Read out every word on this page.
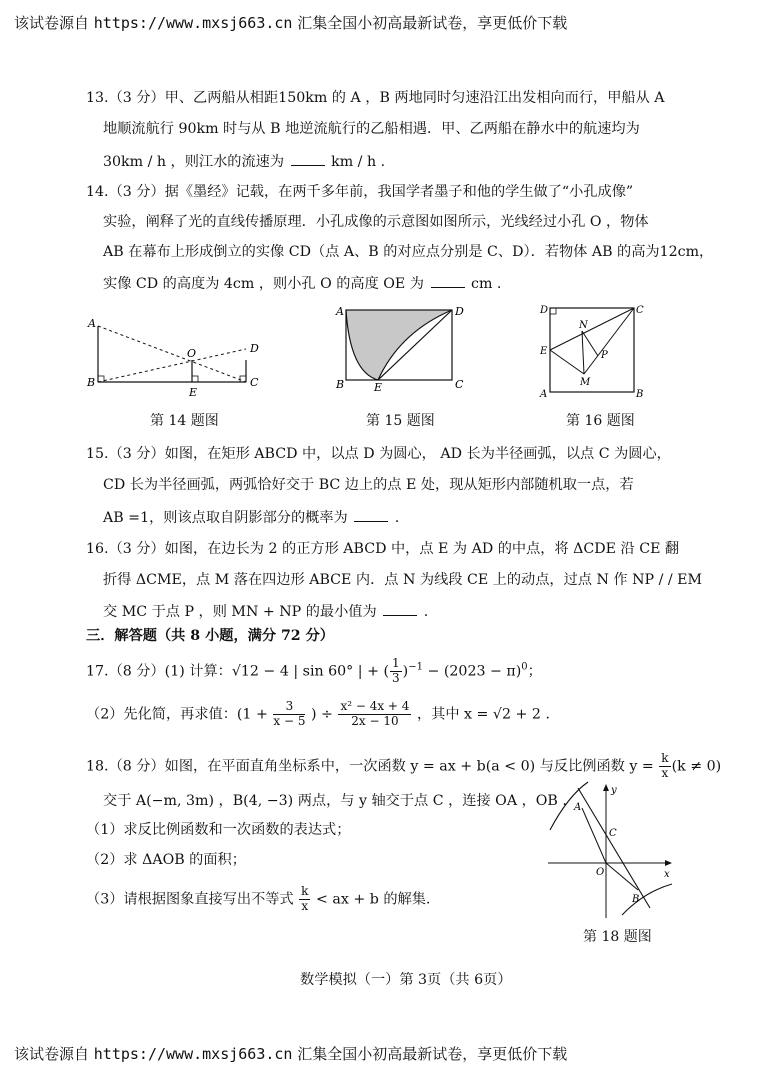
该试卷源自 https://www.mxsj663.cn 汇集全国小初高最新试卷，享更低价下载
13.（3 分）甲、乙两船从相距150km 的 A ，B 两地同时匀速沿江出发相向而行，甲船从 A
地顺流航行 90km 时与从 B 地逆流航行的乙船相遇．甲、乙两船在静水中的航速均为
30km / h ，则江水的流速为	km / h .
14.（3 分）据《墨经》记载，在两千多年前，我国学者墨子和他的学生做了“小孔成像”
实验，阐释了光的直线传播原理．小孔成像的示意图如图所示，光线经过小孔 O ，物体
AB 在幕布上形成倒立的实像 CD（点 A、B 的对应点分别是 C、D）．若物体 AB 的高为12cm，
实像 CD 的高度为 4cm ，则小孔 O 的高度 OE 为	cm .
A
D
O
B
E
C
第 14 题图
A	D
B	E	C
第 15 题图
D	C
N
E	P
M
A	B
第 16 题图
15.（3 分）如图，在矩形 ABCD 中，以点 D 为圆心， AD 长为半径画弧，以点 C 为圆心，
CD 长为半径画弧，两弧恰好交于 BC 边上的点 E 处，现从矩形内部随机取一点，若
AB =1，则该点取自阴影部分的概率为	.
16.（3 分）如图，在边长为 2 的正方形 ABCD 中，点 E 为 AD 的中点，将 ΔCDE 沿 CE 翻
折得 ΔCME，点 M 落在四边形 ABCE 内．点 N 为线段 CE 上的动点，过点 N 作 NP / / EM
交 MC 于点 P ，则 MN + NP 的最小值为	.
三．解答题（共 8 小题，满分 72 分）
17.（8 分）(1) 计算：√12 − 4 | sin 60° | + ( $\frac{1}{3} )^{-1} - (2023 - \pi)^0$；
（2）先化简，再求值：($1 + \frac{3}{x - 5}$ ) ÷ $\frac{\text{x² − 4x + 4}}{2x - 10}$ ，其中 x = √2 + 2 .
18.（8 分）如图，在平面直角坐标系中，一次函数 y = ax + b(a < 0) 与反比例函数 $y = \frac{k}{x} (k \ne 0)$
交于 A(−m, 3m) ，B(4, −3) 两点，与 y 轴交于点 C ，连接 OA ，OB .
（1）求反比例函数和一次函数的表达式；
（2）求 ΔAOB 的面积；
（3）请根据图象直接写出不等式 $\frac{k}{x}$ < ax + b 的解集.
y
A
C
O	x
B
第 18 题图
数学模拟（一）第 3页（共 6页）
该试卷源自 https://www.mxsj663.cn 汇集全国小初高最新试卷，享更低价下载
